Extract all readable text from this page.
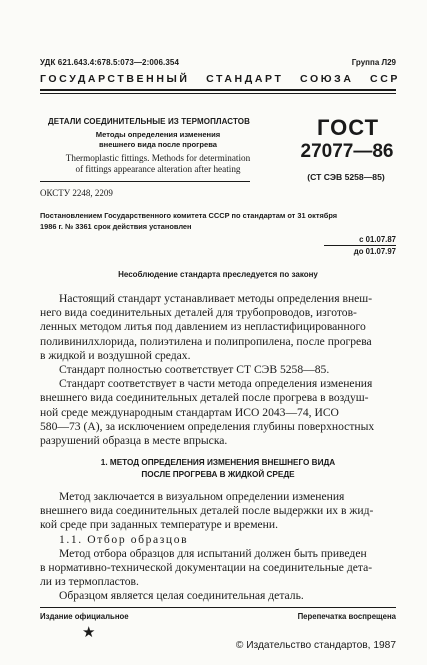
УДК 621.643.4:678.5:073—2:006.354	Группа Л29
ГОСУДАРСТВЕННЫЙ   СТАНДАРТ   СОЮЗА   ССР
ДЕТАЛИ СОЕДИНИТЕЛЬНЫЕ ИЗ ТЕРМОПЛАСТОВ
Методы определения изменения
внешнего вида после прогрева
Thermoplastic fittings. Methods for determination
of fittings appearance alteration after heating
ГОСТ
27077—86
(СТ СЭВ 5258—85)
ОКСТУ 2248, 2209
Постановлением Государственного комитета СССР по стандартам от 31 октября
1986 г. № 3361 срок действия установлен
с 01.07.87
до 01.07.97
Несоблюдение стандарта преследуется по закону
Настоящий стандарт устанавливает методы определения внеш-
него вида соединительных деталей для трубопроводов, изготов-
ленных методом литья под давлением из непластифицированного
поливинилхлорида, полиэтилена и полипропилена, после прогрева
в жидкой и воздушной средах.
Стандарт полностью соответствует СТ СЭВ 5258—85.
Стандарт соответствует в части метода определения изменения
внешнего вида соединительных деталей после прогрева в воздуш-
ной среде международным стандартам ИСО 2043—74, ИСО
580—73 (А), за исключением определения глубины поверхностных
разрушений образца в месте впрыска.
1. МЕТОД ОПРЕДЕЛЕНИЯ ИЗМЕНЕНИЯ ВНЕШНЕГО ВИДА
ПОСЛЕ ПРОГРЕВА В ЖИДКОЙ СРЕДЕ
Метод заключается в визуальном определении изменения
внешнего вида соединительных деталей после выдержки их в жид-
кой среде при заданных температуре и времени.
1.1. Отбор образцов
Метод отбора образцов для испытаний должен быть приведен
в нормативно-технической документации на соединительные дета-
ли из термопластов.
Образцом является целая соединительная деталь.
Издание официальное	Перепечатка воспрещена
★
© Издательство стандартов, 1987
